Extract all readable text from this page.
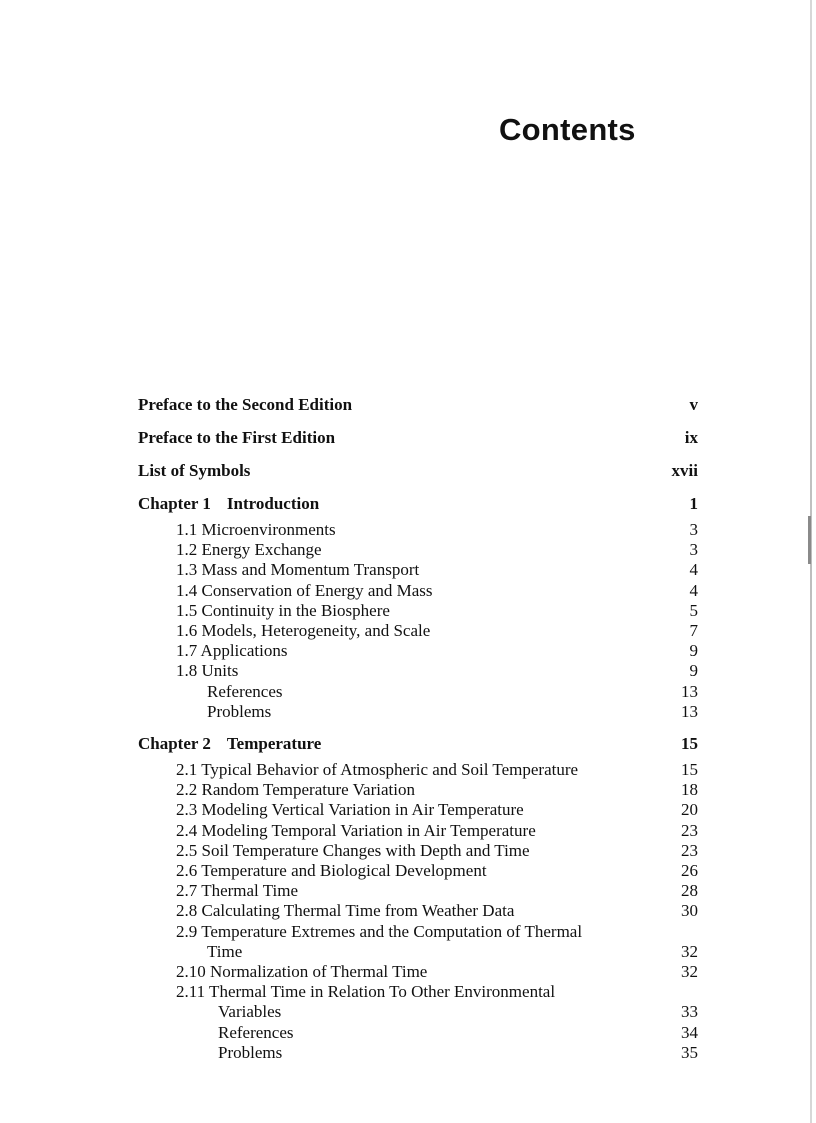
Contents
Preface to the Second Edition	v
Preface to the First Edition	ix
List of Symbols	xvii
Chapter 1 Introduction	1
1.1 Microenvironments	3
1.2 Energy Exchange	3
1.3 Mass and Momentum Transport	4
1.4 Conservation of Energy and Mass	4
1.5 Continuity in the Biosphere	5
1.6 Models, Heterogeneity, and Scale	7
1.7 Applications	9
1.8 Units	9
References	13
Problems	13
Chapter 2 Temperature	15
2.1 Typical Behavior of Atmospheric and Soil Temperature	15
2.2 Random Temperature Variation	18
2.3 Modeling Vertical Variation in Air Temperature	20
2.4 Modeling Temporal Variation in Air Temperature	23
2.5 Soil Temperature Changes with Depth and Time	23
2.6 Temperature and Biological Development	26
2.7 Thermal Time	28
2.8 Calculating Thermal Time from Weather Data	30
2.9 Temperature Extremes and the Computation of Thermal
Time	32
2.10 Normalization of Thermal Time	32
2.11 Thermal Time in Relation To Other Environmental
Variables	33
References	34
Problems	35
